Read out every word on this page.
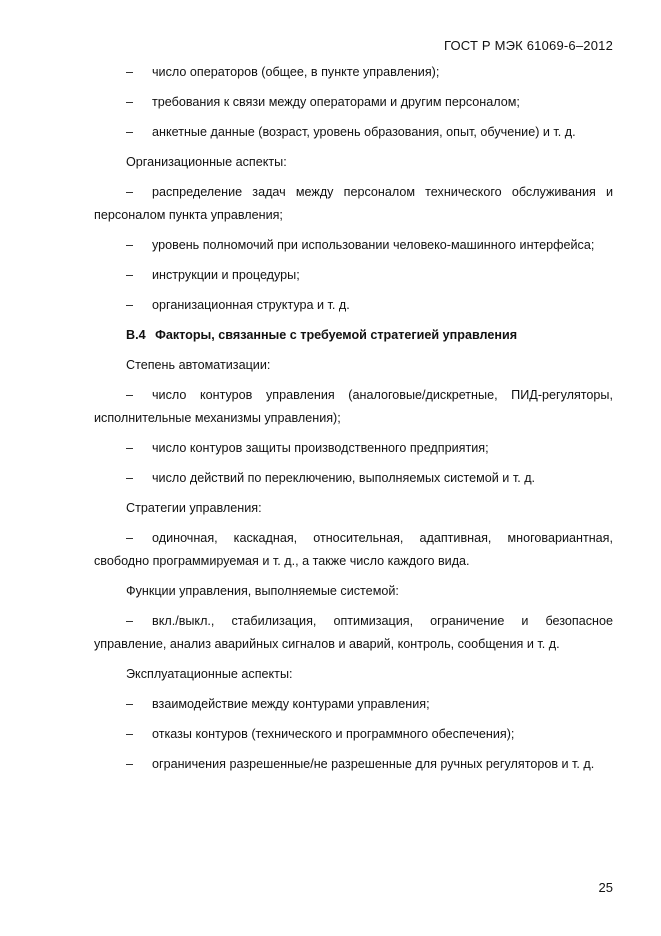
ГОСТ Р МЭК 61069-6–2012

– число операторов (общее, в пункте управления);

– требования к связи между операторами и другим персоналом;

– анкетные данные (возраст, уровень образования, опыт, обучение) и т. д.

Организационные аспекты:

– распределение задач между персоналом технического обслуживания и персоналом пункта управления;

– уровень полномочий при использовании человеко-машинного интерфейса;

– инструкции и процедуры;

– организационная структура и т. д.

B.4 Факторы, связанные с требуемой стратегией управления

Степень автоматизации:

– число контуров управления (аналоговые/дискретные, ПИД-регуляторы, исполнительные механизмы управления);

– число контуров защиты производственного предприятия;

– число действий по переключению, выполняемых системой и т. д.

Стратегии управления:

– одиночная, каскадная, относительная, адаптивная, многовариантная, свободно программируемая и т. д., а также число каждого вида.

Функции управления, выполняемые системой:

– вкл./выкл., стабилизация, оптимизация, ограничение и безопасное управление, анализ аварийных сигналов и аварий, контроль, сообщения и т. д.

Эксплуатационные аспекты:

– взаимодействие между контурами управления;

– отказы контуров (технического и программного обеспечения);

– ограничения разрешенные/не разрешенные для ручных регуляторов и т. д.

25
